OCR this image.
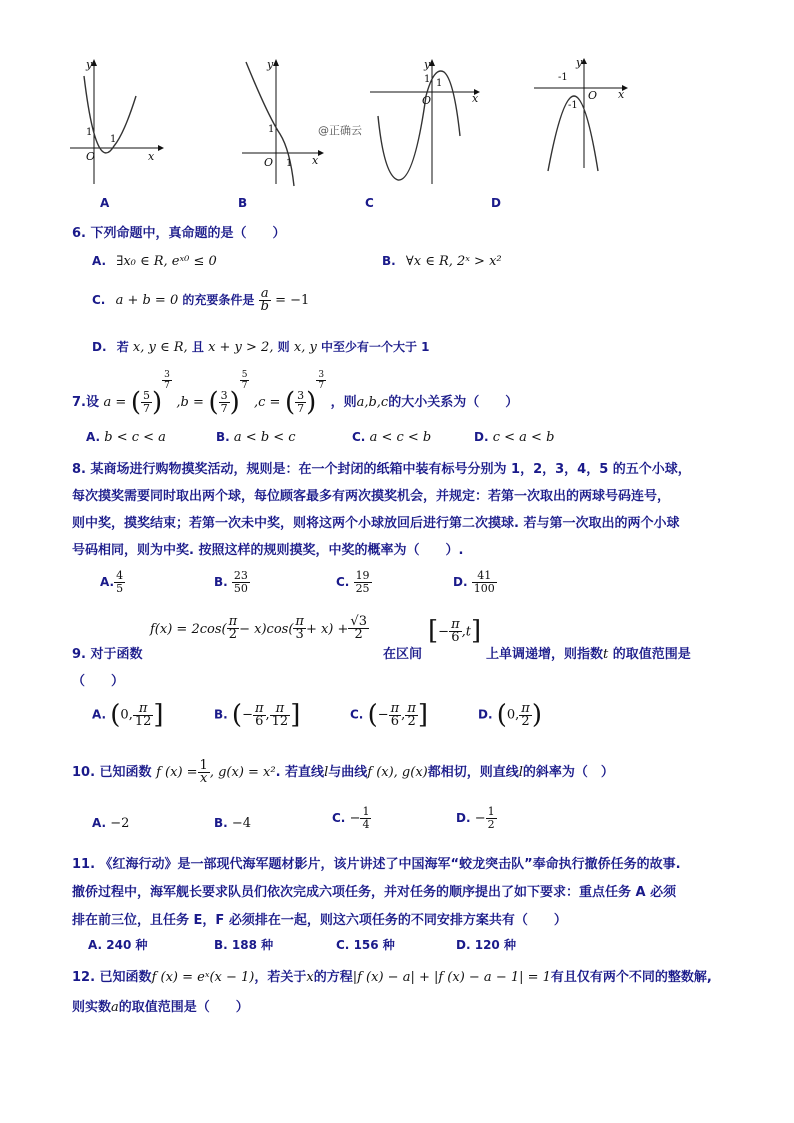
y
x
O
1
1
y
x
O
1
1
@正确云
y
x
O
1 1
y
x
O
-1
-1
A	B	C	D
6. 下列命题中，真命题的是（　　）
A. ∃x₀ ∈ R, eˣ⁰ ≤ 0	B. ∀x ∈ R, 2ˣ > x²
C. a + b = 0 的充要条件是 $\frac{a}{b} = -1$
D. 若 x, y ∈ R, 且 x + y > 2, 则 x, y 中至少有一个大于 1
7.设 a = ( $\frac{5}{7}$ )
$^{\frac{3}{7}}$
,b = ( $\frac{3}{7}$ )
$^{\frac{5}{7}}$
,c = ( $\frac{3}{7}$ )
$^{\frac{3}{7}}$
，则a,b,c的大小关系为（　　）
A. b < c < a	B. a < b < c	C. a < c < b	D. c < a < b
8. 某商场进行购物摸奖活动，规则是：在一个封闭的纸箱中装有标号分别为 1，2，3，4，5 的五个小球，
每次摸奖需要同时取出两个球，每位顾客最多有两次摸奖机会，并规定：若第一次取出的两球号码连号，
则中奖，摸奖结束；若第一次未中奖，则将这两个小球放回后进行第二次摸球. 若与第一次取出的两个小球
号码相同，则为中奖. 按照这样的规则摸奖，中奖的概率为（　　）.
A. $\frac{4}{5}$	B. $\frac{23}{50}$	C. $\frac{19}{25}$	D. $\frac{41}{100}$
9. 对于函数
$f(x) = 2\cos( \frac{\pi}{2} - x)\cos( \frac{\pi}{3} + x) + \frac{√3}{2}$
在区间
[− $\frac{\pi}{6} ,t$]
上单调递增，则指数t 的取值范围是
（　　）
A. (0, $\frac{\pi}{12}$ ]	B. (− $\frac{\pi}{6}$ , $\frac{\pi}{12}$ ]	C. (− $\frac{\pi}{6}$ , $\frac{\pi}{2}$ ]	D. (0, $\frac{\pi}{2}$ )
10. 已知函数 f $(x) = \frac{1}{x}$ , g(x) = x². 若直线l与曲线f (x), g(x)都相切，则直线l的斜率为（　）
A. −2	B. −4	C. − $\frac{1}{4}$	D. − $\frac{1}{2}$
11. 《红海行动》是一部现代海军题材影片，该片讲述了中国海军“蛟龙突击队”奉命执行撤侨任务的故事.
撤侨过程中，海军舰长要求队员们依次完成六项任务，并对任务的顺序提出了如下要求：重点任务 A 必须
排在前三位，且任务 E，F 必须排在一起，则这六项任务的不同安排方案共有（　　）
A. 240 种	B. 188 种	C. 156 种	D. 120 种
12. 已知函数f (x) = eˣ(x − 1)，若关于x的方程|f (x) − a| + |f (x) − a − 1| = 1有且仅有两个不同的整数解,
则实数a的取值范围是（　　）
